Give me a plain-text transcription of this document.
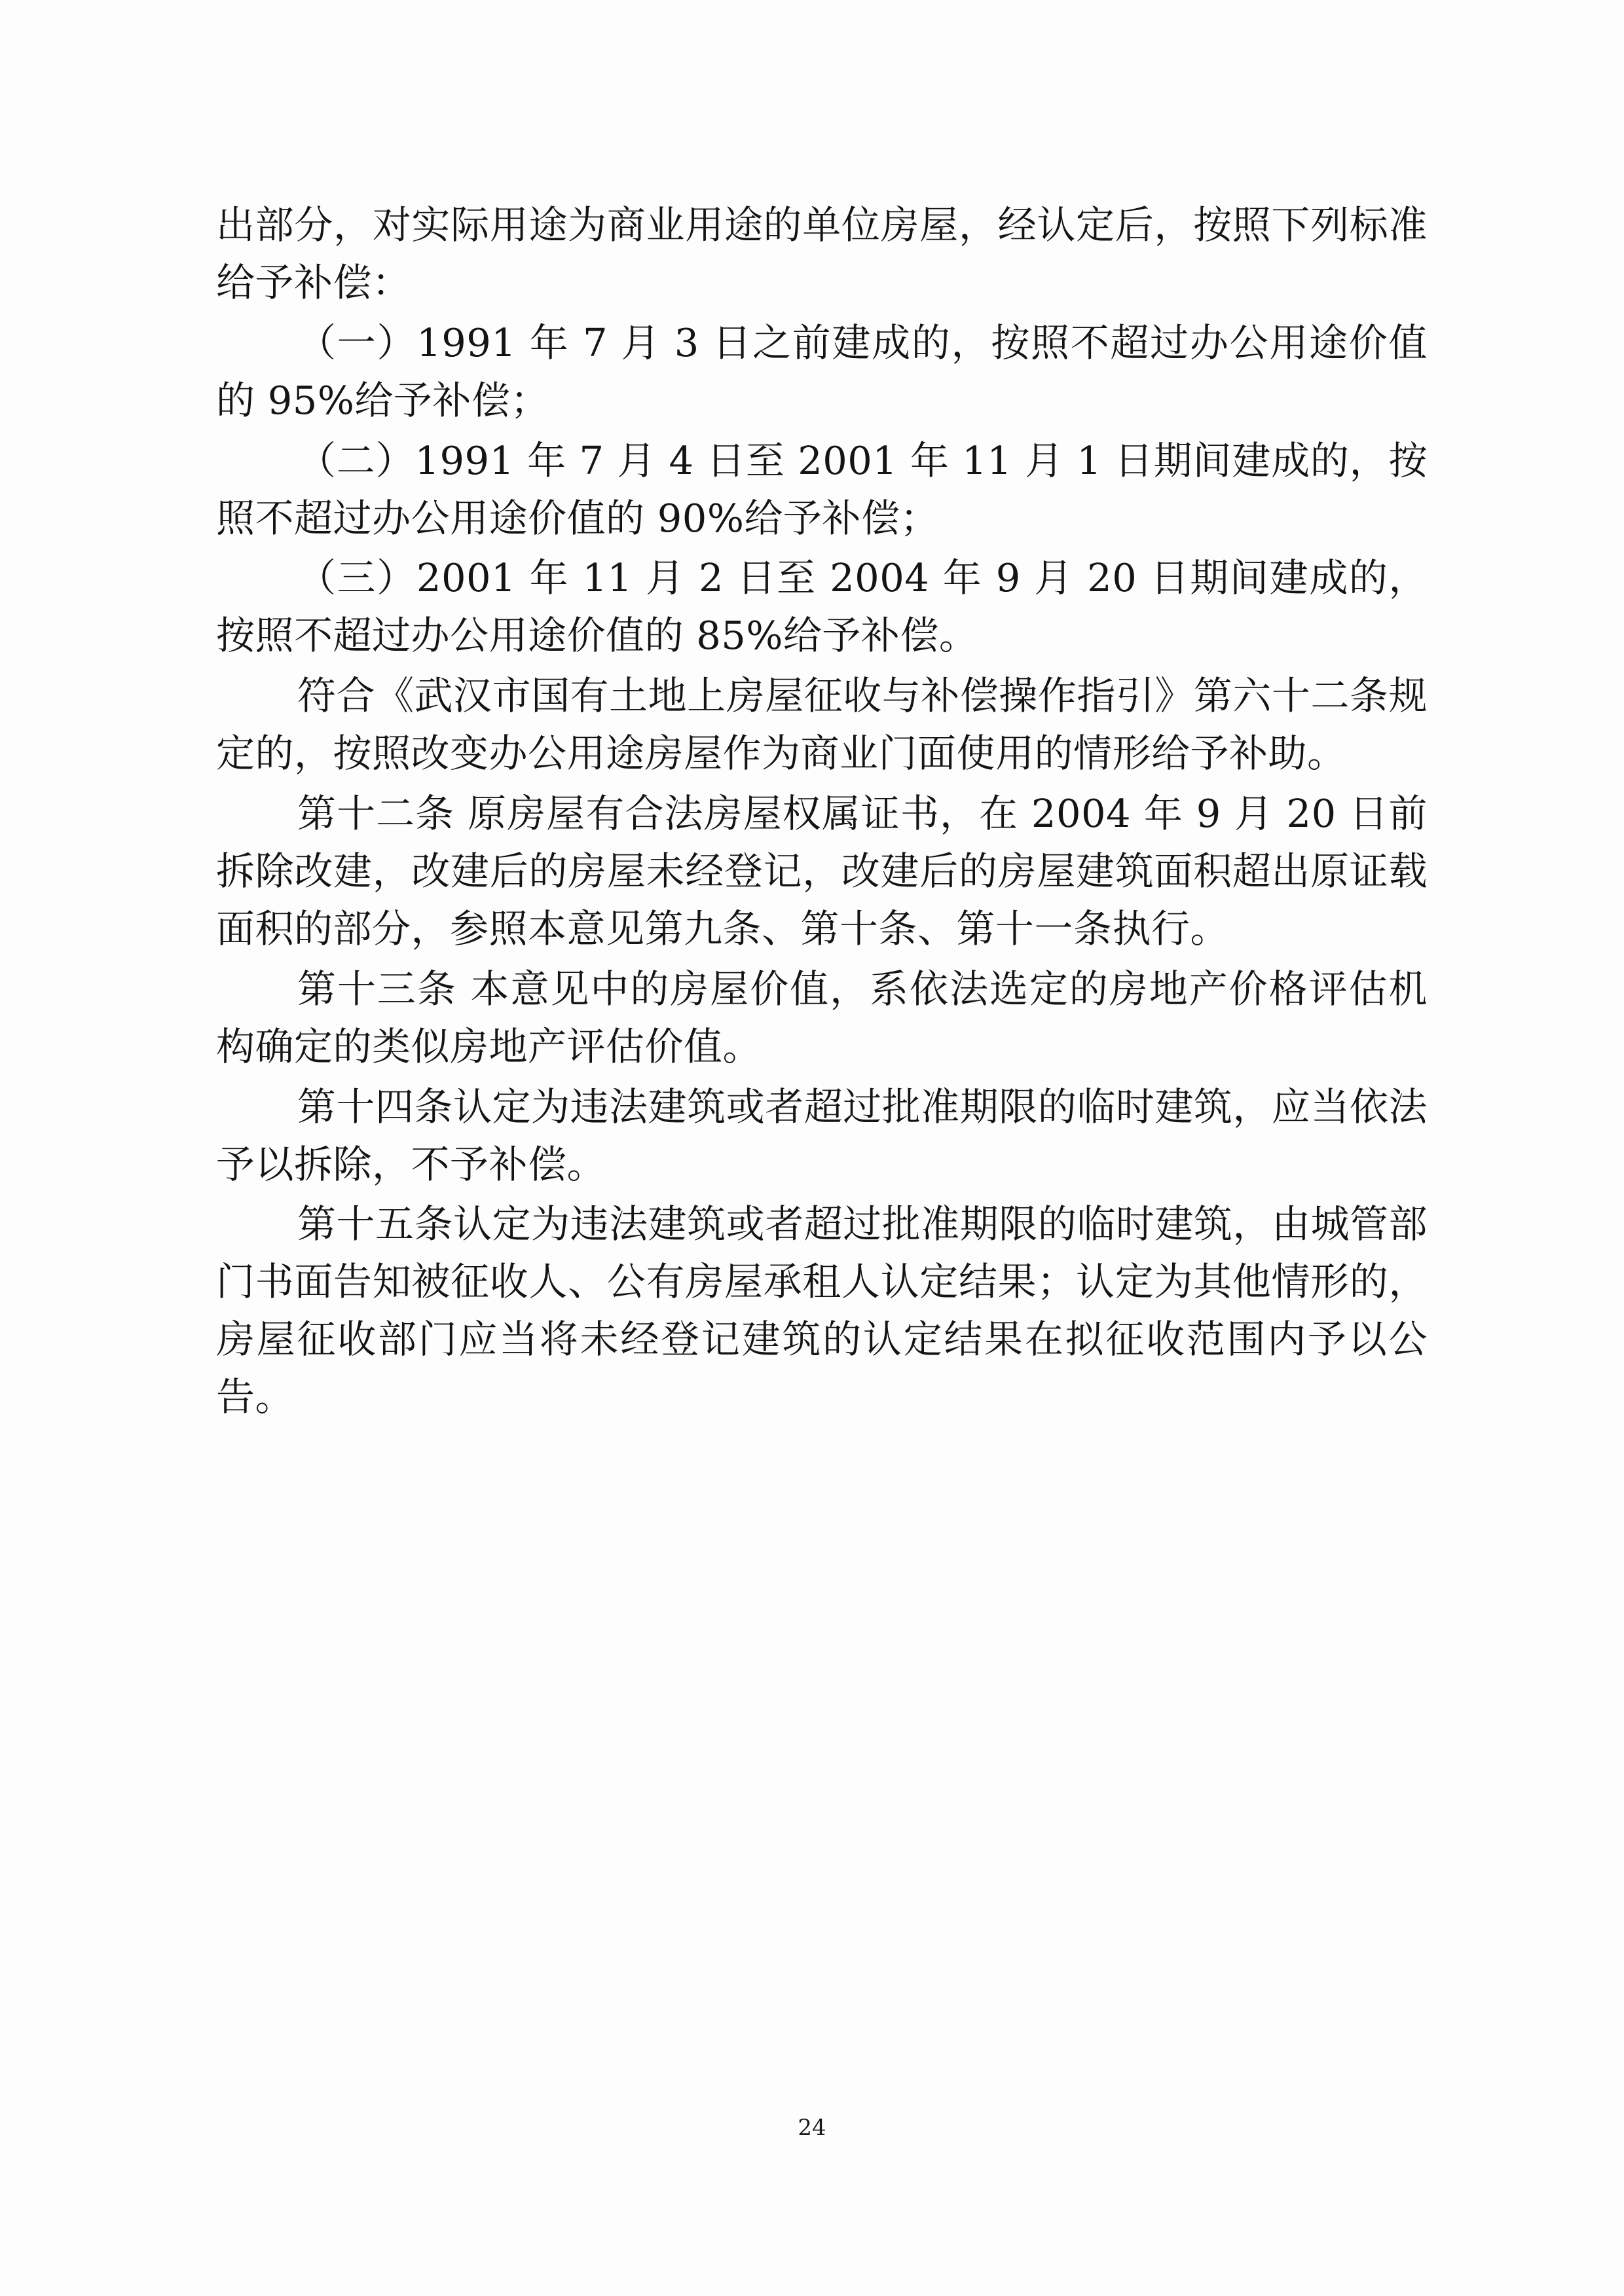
出部分，对实际用途为商业用途的单位房屋，经认定后，按照下列标准给予补偿：

（一）1991 年 7 月 3 日之前建成的，按照不超过办公用途价值的 95%给予补偿；

（二）1991 年 7 月 4 日至 2001 年 11 月 1 日期间建成的，按照不超过办公用途价值的 90%给予补偿；

（三）2001 年 11 月 2 日至 2004 年 9 月 20 日期间建成的，按照不超过办公用途价值的 85%给予补偿。

符合《武汉市国有土地上房屋征收与补偿操作指引》第六十二条规定的，按照改变办公用途房屋作为商业门面使用的情形给予补助。

第十二条 原房屋有合法房屋权属证书，在 2004 年 9 月 20 日前拆除改建，改建后的房屋未经登记，改建后的房屋建筑面积超出原证载面积的部分，参照本意见第九条、第十条、第十一条执行。

第十三条 本意见中的房屋价值，系依法选定的房地产价格评估机构确定的类似房地产评估价值。

第十四条认定为违法建筑或者超过批准期限的临时建筑，应当依法予以拆除，不予补偿。

第十五条认定为违法建筑或者超过批准期限的临时建筑，由城管部门书面告知被征收人、公有房屋承租人认定结果；认定为其他情形的，房屋征收部门应当将未经登记建筑的认定结果在拟征收范围内予以公告。

24
